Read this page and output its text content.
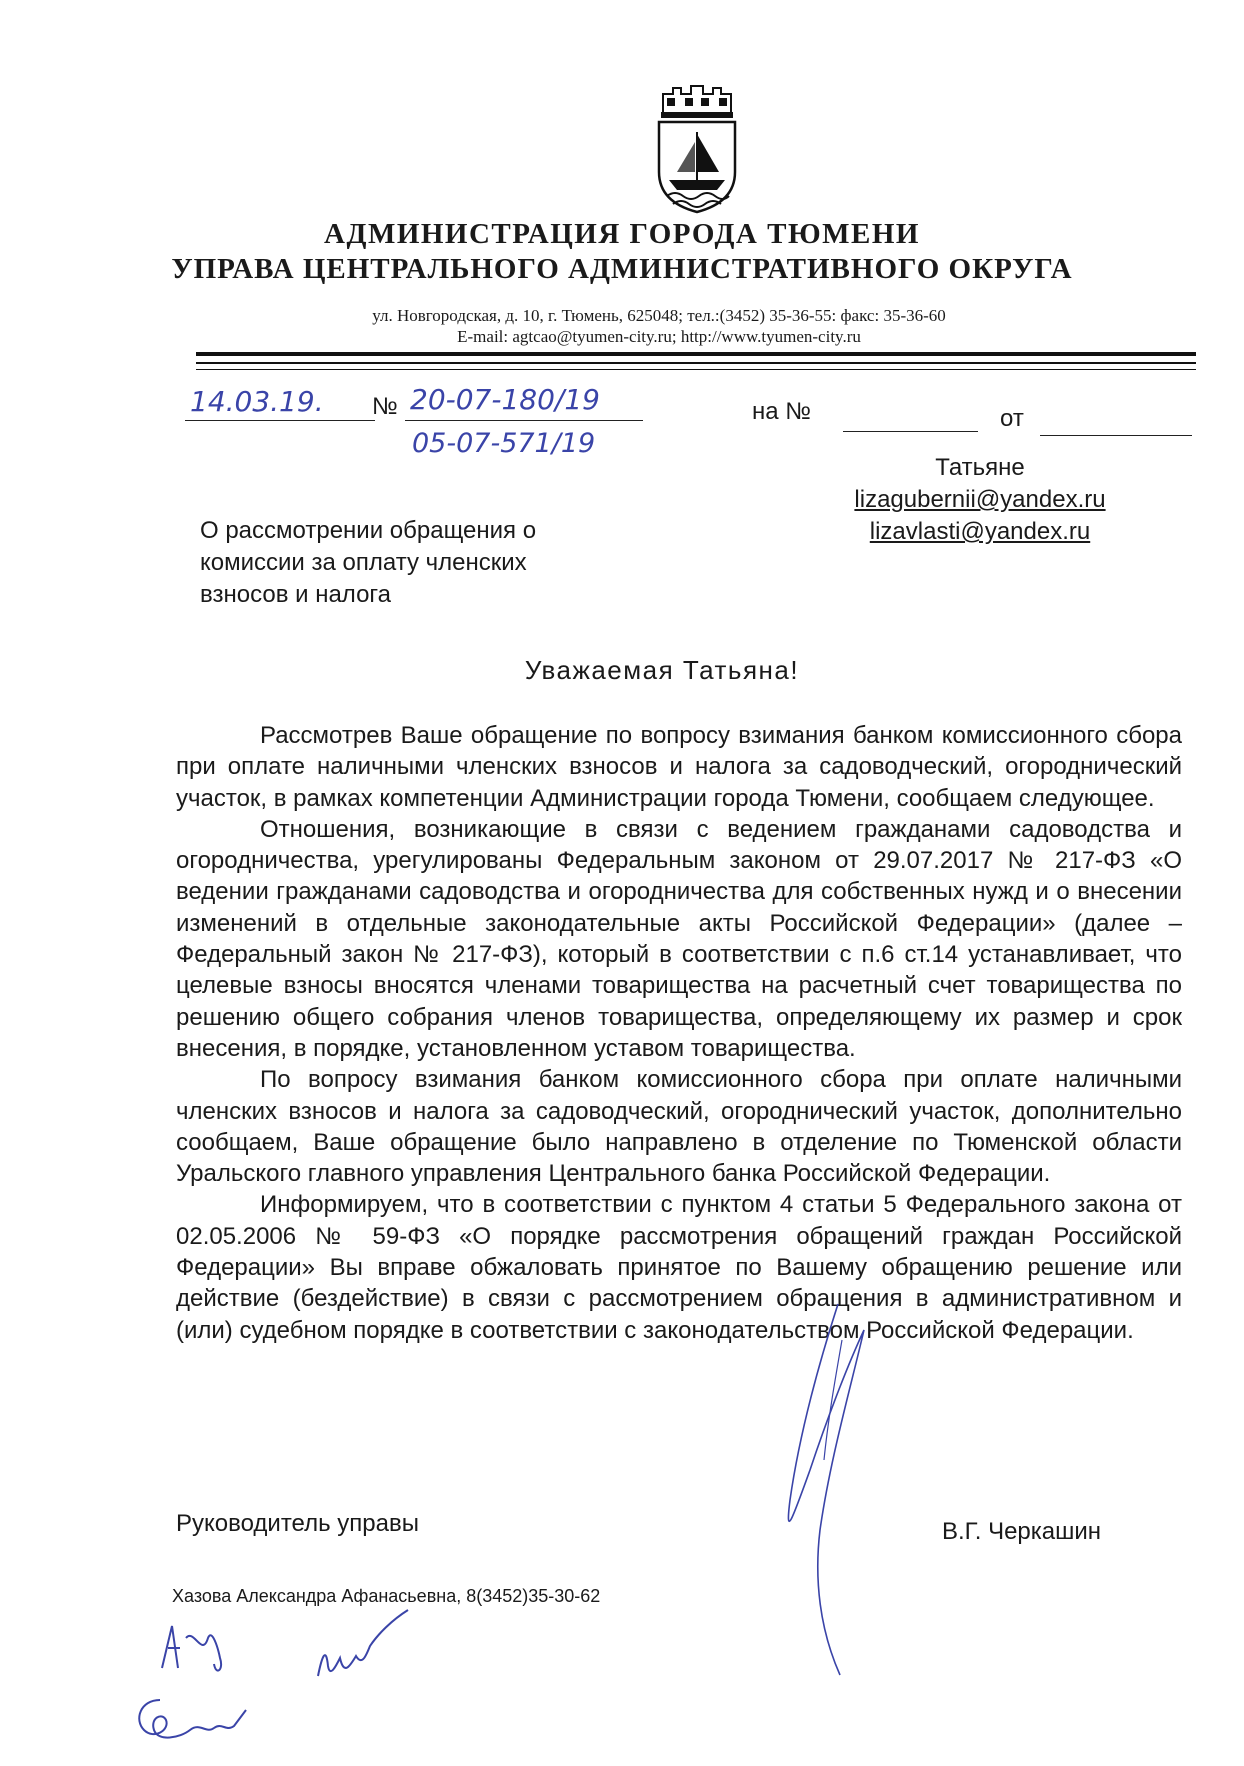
АДМИНИСТРАЦИЯ ГОРОДА ТЮМЕНИ
УПРАВА ЦЕНТРАЛЬНОГО АДМИНИСТРАТИВНОГО ОКРУГА
ул. Новгородская, д. 10, г. Тюмень, 625048; тел.:(3452) 35-36-55: факс: 35-36-60
E-mail: agtcao@tyumen-city.ru; http://www.tyumen-city.ru
14.03.19. № 20-07-180/19
05-07-571/19
на №	от
Татьяне
lizagubernii@yandex.ru
lizavlasti@yandex.ru
О рассмотрении обращения о комиссии за оплату членских взносов и налога
Уважаемая Татьяна!

Рассмотрев Ваше обращение по вопросу взимания банком комиссионного сбора при оплате наличными членских взносов и налога за садоводческий, огороднический участок, в рамках компетенции Администрации города Тюмени, сообщаем следующее.

Отношения, возникающие в связи с ведением гражданами садоводства и огородничества, урегулированы Федеральным законом от 29.07.2017 № 217-ФЗ «О ведении гражданами садоводства и огородничества для собственных нужд и о внесении изменений в отдельные законодательные акты Российской Федерации» (далее – Федеральный закон № 217-ФЗ), который в соответствии с п.6 ст.14 устанавливает, что целевые взносы вносятся членами товарищества на расчетный счет товарищества по решению общего собрания членов товарищества, определяющему их размер и срок внесения, в порядке, установленном уставом товарищества.

По вопросу взимания банком комиссионного сбора при оплате наличными членских взносов и налога за садоводческий, огороднический участок, дополнительно сообщаем, Ваше обращение было направлено в отделение по Тюменской области Уральского главного управления Центрального банка Российской Федерации.

Информируем, что в соответствии с пунктом 4 статьи 5 Федерального закона от 02.05.2006 № 59-ФЗ «О порядке рассмотрения обращений граждан Российской Федерации» Вы вправе обжаловать принятое по Вашему обращению решение или действие (бездействие) в связи с рассмотрением обращения в административном и (или) судебном порядке в соответствии с законодательством Российской Федерации.

Руководитель управы	В.Г. Черкашин
Хазова Александра Афанасьевна, 8(3452)35-30-62
